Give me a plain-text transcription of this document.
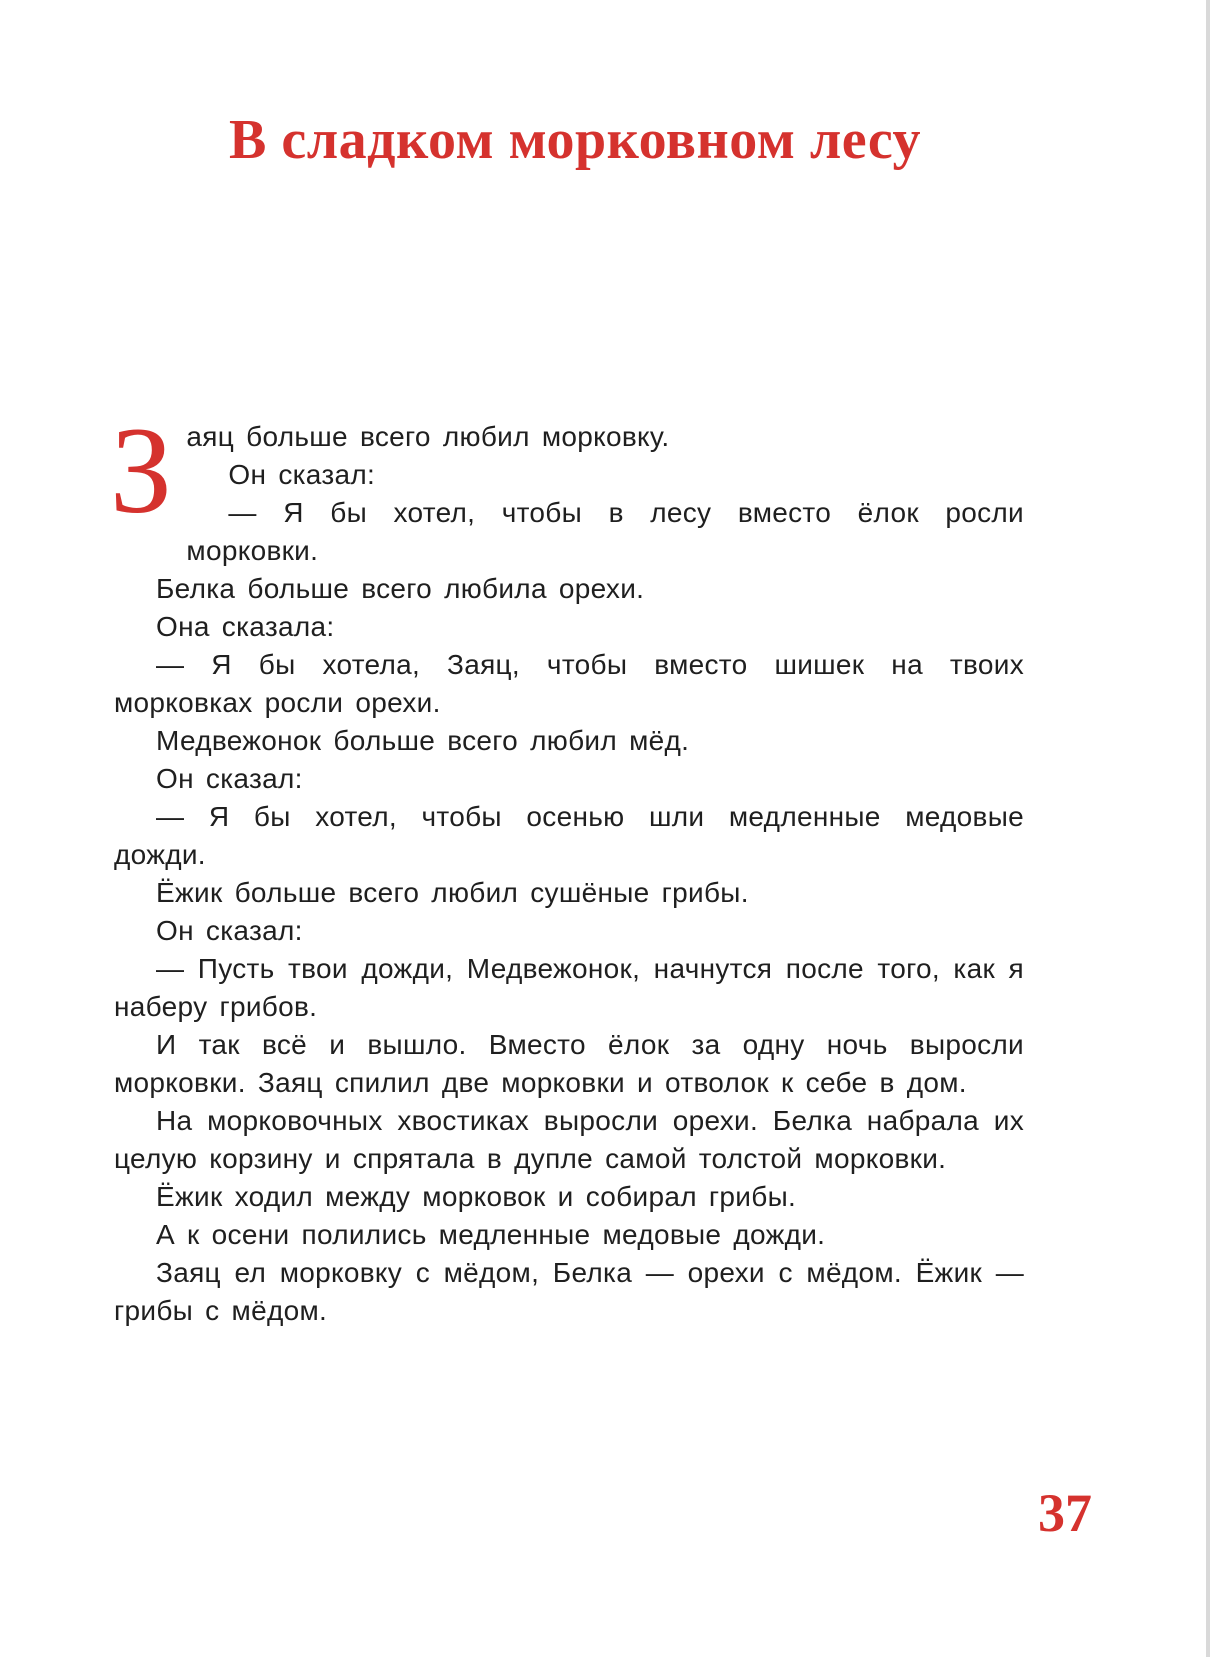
В сладком морковном лесу

Заяц больше всего любил морковку.

Он сказал:

— Я бы хотел, чтобы в лесу вместо ёлок росли морковки.

Белка больше всего любила орехи.

Она сказала:

— Я бы хотела, Заяц, чтобы вместо шишек на твоих морковках росли орехи.

Медвежонок больше всего любил мёд.

Он сказал:

— Я бы хотел, чтобы осенью шли медленные медовые дожди.

Ёжик больше всего любил сушёные грибы.

Он сказал:

— Пусть твои дожди, Медвежонок, начнутся после того, как я наберу грибов.

И так всё и вышло. Вместо ёлок за одну ночь выросли морковки. Заяц спилил две морковки и отволок к себе в дом.

На морковочных хвостиках выросли орехи. Белка набрала их целую корзину и спрятала в дупле самой толстой морковки.

Ёжик ходил между морковок и собирал грибы.

А к осени полились медленные медовые дожди.

Заяц ел морковку с мёдом, Белка — орехи с мёдом. Ёжик — грибы с мёдом.

37
